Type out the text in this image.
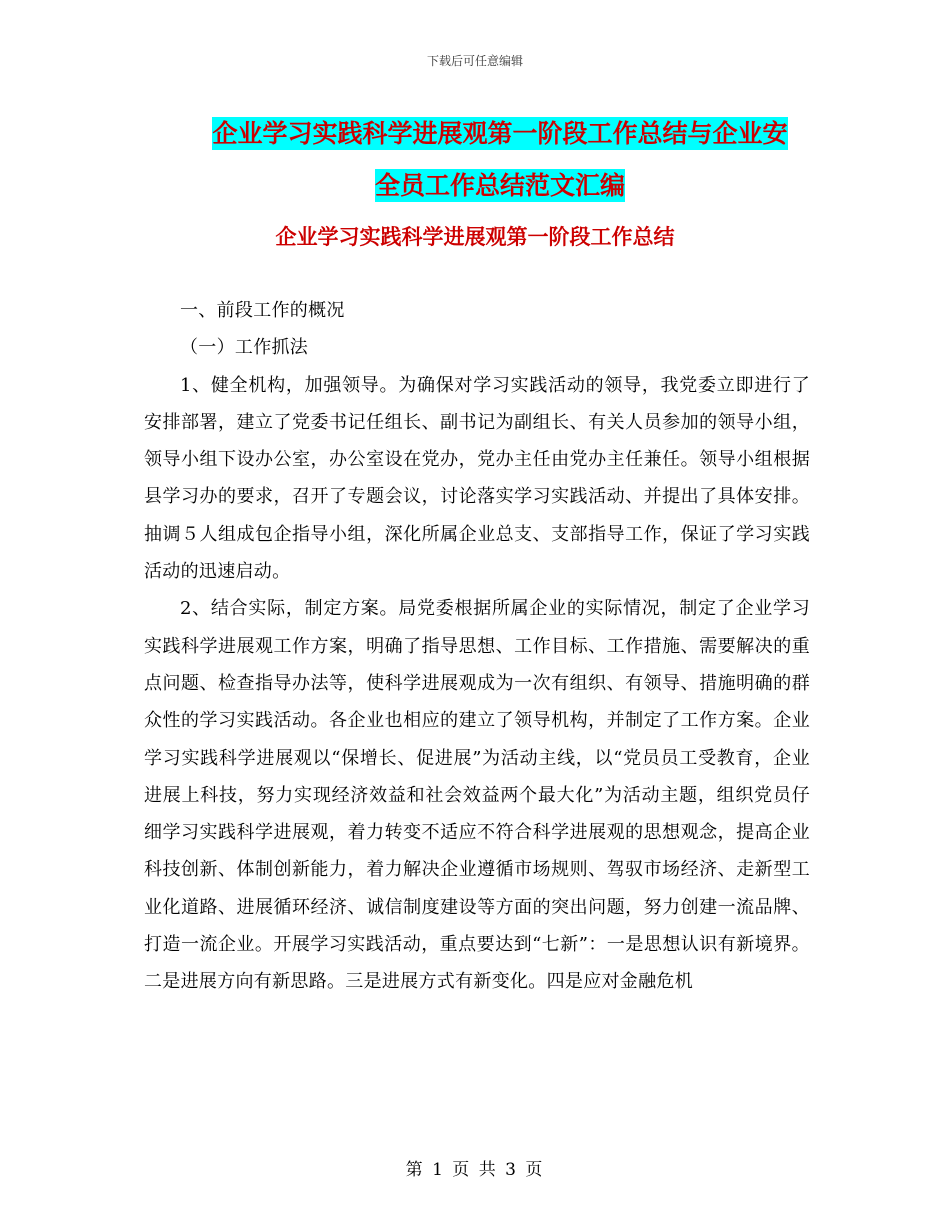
下载后可任意编辑
企业学习实践科学进展观第一阶段工作总结与企业安
全员工作总结范文汇编
企业学习实践科学进展观第一阶段工作总结

一、前段工作的概况

（一）工作抓法

1、健全机构，加强领导。为确保对学习实践活动的领导，我党委立即进行了安排部署，建立了党委书记任组长、副书记为副组长、有关人员参加的领导小组，领导小组下设办公室，办公室设在党办，党办主任由党办主任兼任。领导小组根据县学习办的要求，召开了专题会议，讨论落实学习实践活动、并提出了具体安排。抽调５人组成包企指导小组，深化所属企业总支、支部指导工作，保证了学习实践活动的迅速启动。

2、结合实际，制定方案。局党委根据所属企业的实际情况，制定了企业学习实践科学进展观工作方案，明确了指导思想、工作目标、工作措施、需要解决的重点问题、检查指导办法等，使科学进展观成为一次有组织、有领导、措施明确的群众性的学习实践活动。各企业也相应的建立了领导机构，并制定了工作方案。企业学习实践科学进展观以“保增长、促进展”为活动主线，以“党员员工受教育，企业进展上科技，努力实现经济效益和社会效益两个最大化”为活动主题，组织党员仔细学习实践科学进展观，着力转变不适应不符合科学进展观的思想观念，提高企业科技创新、体制创新能力，着力解决企业遵循市场规则、驾驭市场经济、走新型工业化道路、进展循环经济、诚信制度建设等方面的突出问题，努力创建一流品牌、打造一流企业。开展学习实践活动，重点要达到“七新”：一是思想认识有新境界。二是进展方向有新思路。三是进展方式有新变化。四是应对金融危机

第 1 页 共 3 页
